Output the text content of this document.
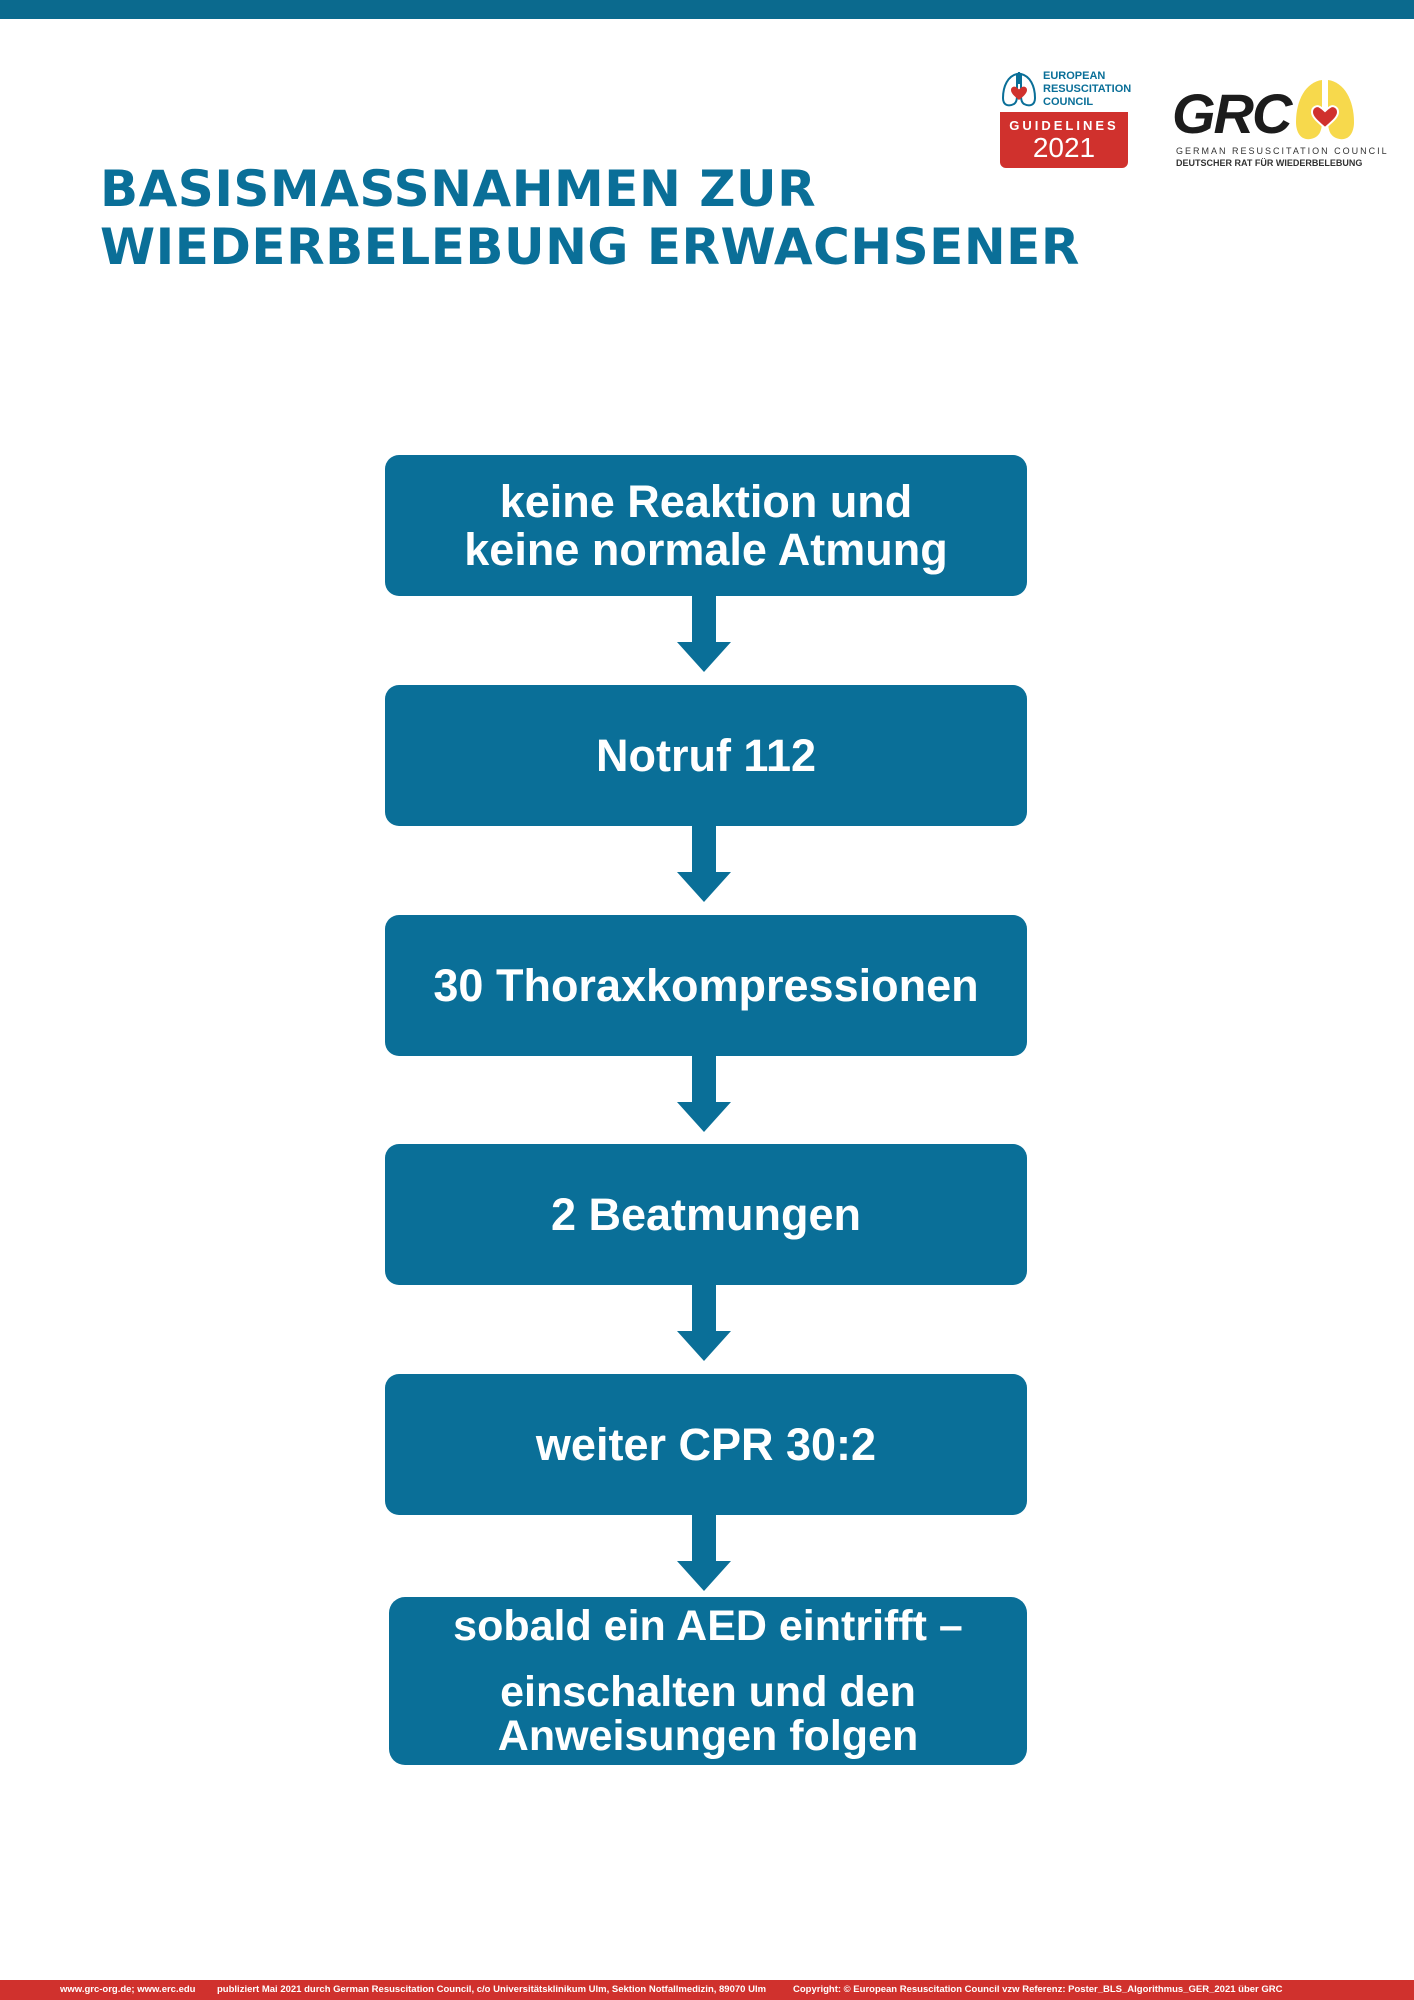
BASISMASSNAHMEN ZUR
WIEDERBELEBUNG ERWACHSENER
EUROPEAN
RESUSCITATION
COUNCIL
GUIDELINES
2021
GRC
GERMAN RESUSCITATION COUNCIL
DEUTSCHER RAT FÜR WIEDERBELEBUNG
keine Reaktion und
keine normale Atmung
Notruf 112
30 Thoraxkompressionen
2 Beatmungen
weiter CPR 30:2
sobald ein AED eintrifft –
einschalten und den
Anweisungen folgen
www.grc-org.de; www.erc.edu publiziert Mai 2021 durch German Resuscitation Council, c/o Universitätsklinikum Ulm, Sektion Notfallmedizin, 89070 Ulm	Copyright: © European Resuscitation Council vzw Referenz: Poster_BLS_Algorithmus_GER_2021 über GRC
